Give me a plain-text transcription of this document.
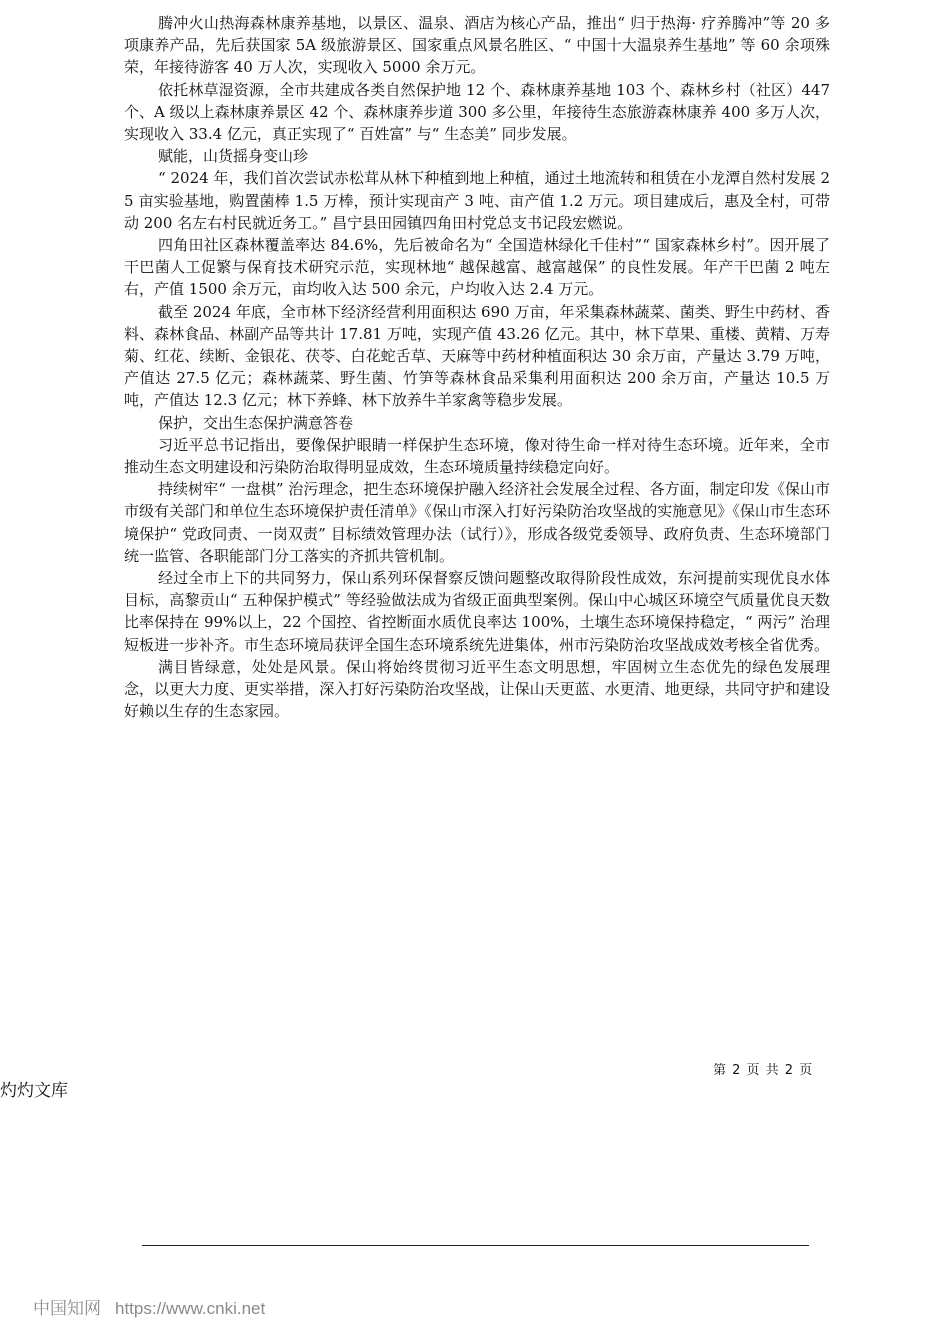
腾冲火山热海森林康养基地，以景区、温泉、酒店为核心产品，推出“ 归于热海· 疗养腾冲”等 20 多项康养产品，先后获国家 5A 级旅游景区、国家重点风景名胜区、“ 中国十大温泉养生基地” 等 60 余项殊荣，年接待游客 40 万人次，实现收入 5000 余万元。

依托林草湿资源，全市共建成各类自然保护地 12 个、森林康养基地 103 个、森林乡村（社区）447 个、A 级以上森林康养景区 42 个、森林康养步道 300 多公里，年接待生态旅游森林康养 400 多万人次，实现收入 33.4 亿元，真正实现了“ 百姓富” 与“ 生态美” 同步发展。

赋能，山货摇身变山珍

“ 2024 年，我们首次尝试赤松茸从林下种植到地上种植，通过土地流转和租赁在小龙潭自然村发展 25 亩实验基地，购置菌棒 1.5 万棒，预计实现亩产 3 吨、亩产值 1.2 万元。项目建成后，惠及全村，可带动 200 名左右村民就近务工。” 昌宁县田园镇四角田村党总支书记段宏燃说。

四角田社区森林覆盖率达 84.6%，先后被命名为“ 全国造林绿化千佳村”“ 国家森林乡村”。因开展了干巴菌人工促繁与保育技术研究示范，实现林地“ 越保越富、越富越保” 的良性发展。年产干巴菌 2 吨左右，产值 1500 余万元，亩均收入达 500 余元，户均收入达 2.4 万元。

截至 2024 年底，全市林下经济经营利用面积达 690 万亩，年采集森林蔬菜、菌类、野生中药材、香料、森林食品、林副产品等共计 17.81 万吨，实现产值 43.26 亿元。其中，林下草果、重楼、黄精、万寿菊、红花、续断、金银花、茯苓、白花蛇舌草、天麻等中药材种植面积达 30 余万亩，产量达 3.79 万吨，产值达 27.5 亿元；森林蔬菜、野生菌、竹笋等森林食品采集利用面积达 200 余万亩，产量达 10.5 万吨，产值达 12.3 亿元；林下养蜂、林下放养牛羊家禽等稳步发展。

保护，交出生态保护满意答卷

习近平总书记指出，要像保护眼睛一样保护生态环境，像对待生命一样对待生态环境。近年来，全市推动生态文明建设和污染防治取得明显成效，生态环境质量持续稳定向好。

持续树牢“ 一盘棋” 治污理念，把生态环境保护融入经济社会发展全过程、各方面，制定印发《保山市市级有关部门和单位生态环境保护责任清单》《保山市深入打好污染防治攻坚战的实施意见》《保山市生态环境保护“ 党政同责、一岗双责” 目标绩效管理办法（试行）》，形成各级党委领导、政府负责、生态环境部门统一监管、各职能部门分工落实的齐抓共管机制。

经过全市上下的共同努力，保山系列环保督察反馈问题整改取得阶段性成效，东河提前实现优良水体目标，高黎贡山“ 五种保护模式” 等经验做法成为省级正面典型案例。保山中心城区环境空气质量优良天数比率保持在 99%以上，22 个国控、省控断面水质优良率达 100%，土壤生态环境保持稳定，“ 两污” 治理短板进一步补齐。市生态环境局获评全国生态环境系统先进集体，州市污染防治攻坚战成效考核全省优秀。

满目皆绿意，处处是风景。保山将始终贯彻习近平生态文明思想，牢固树立生态优先的绿色发展理念，以更大力度、更实举措，深入打好污染防治攻坚战，让保山天更蓝、水更清、地更绿，共同守护和建设好赖以生存的生态家园。

第 2 页 共 2 页
灼灼文库
中国知网 https://www.cnki.net
